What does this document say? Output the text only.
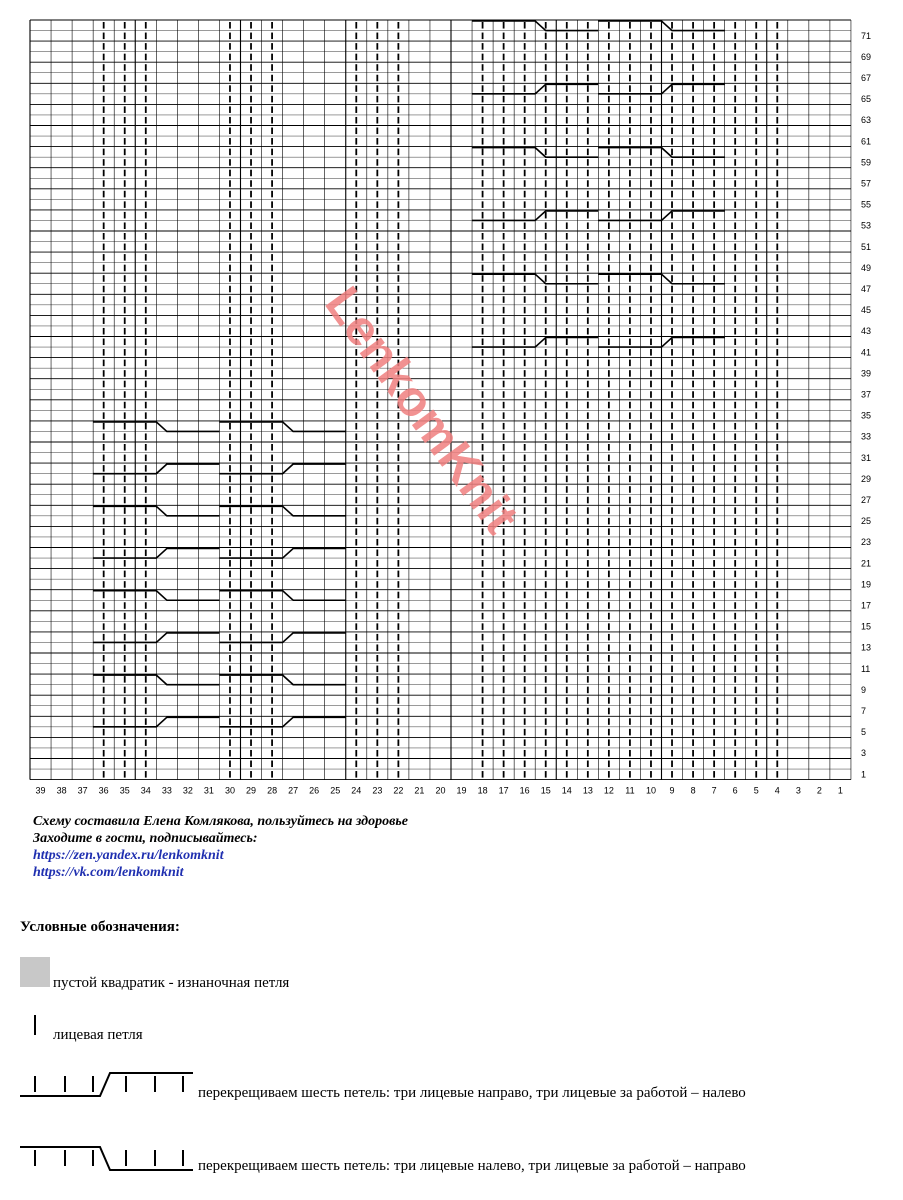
39 38 37 36 35 34 33 32 31 30 29 28 27 26 25 24 23 22 21 20 19 18 17 16 15 14 13 12 11 10 9 8 7 6 5 4 3 2 1
1
3
5
7
9
11
13
15
17
19
21
23
25
27
29
31
33
35
37
39
41
43
45
47
49
51
53
55
57
59
61
63
65
67
69
71
LenkomKnit
Схему составила Елена Комлякова, пользуйтесь на здоровье
Заходите в гости, подписывайтесь:
https://zen.yandex.ru/lenkomknit
https://vk.com/lenkomknit
Условные обозначения:
пустой квадратик - изнаночная петля
лицевая петля
перекрещиваем шесть петель: три лицевые направо, три лицевые за работой – налево
перекрещиваем шесть петель: три лицевые налево, три лицевые за работой – направо
